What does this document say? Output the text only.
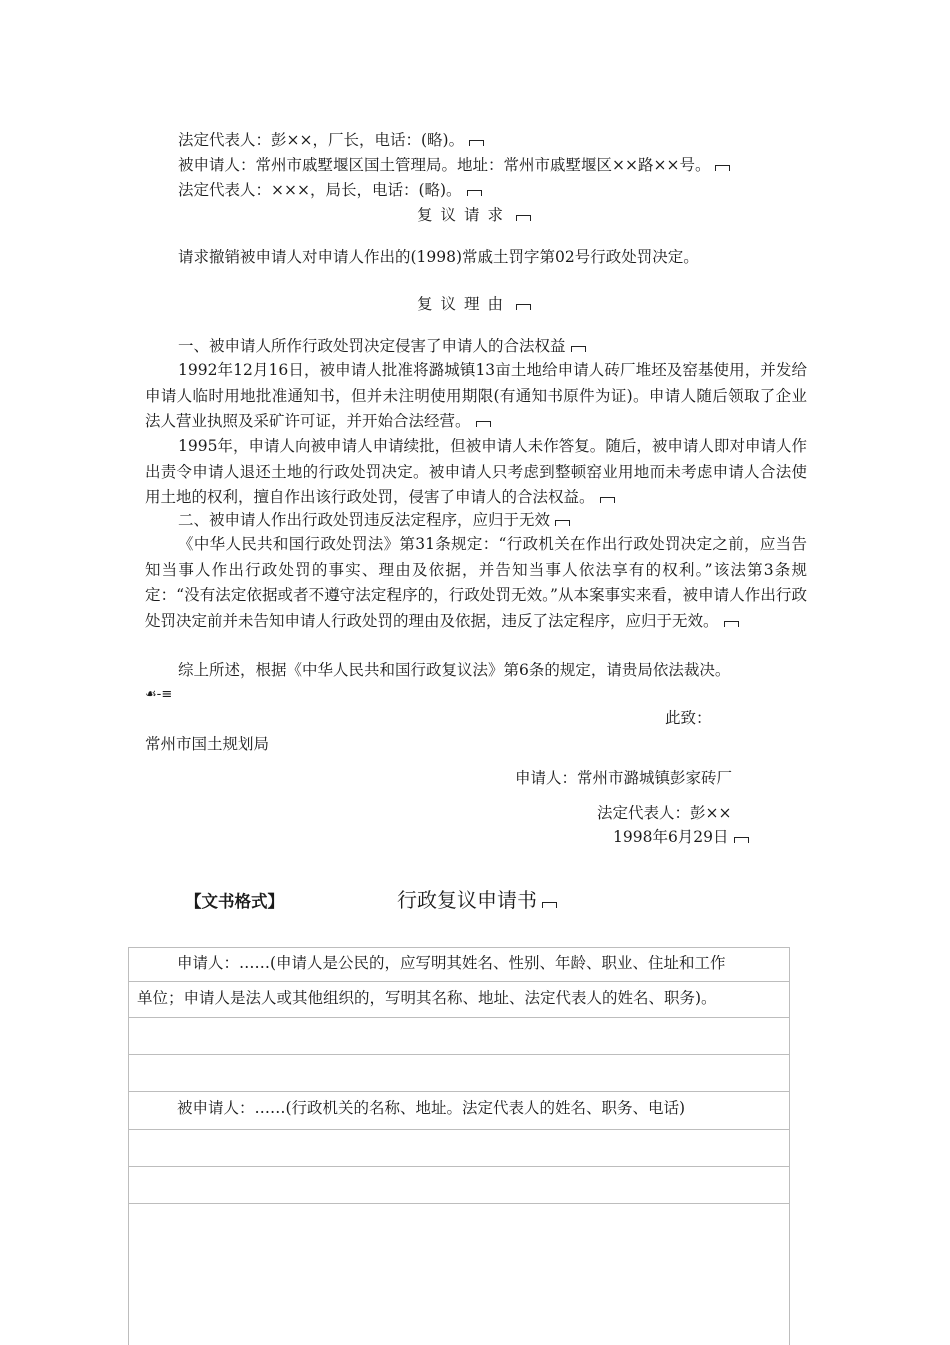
法定代表人：彭××，厂长，电话：(略)。
被申请人：常州市戚墅堰区国土管理局。地址：常州市戚墅堰区××路××号。
法定代表人：×××，局长，电话：(略)。
复议请求
请求撤销被申请人对申请人作出的(1998)常戚土罚字第02号行政处罚决定。
复议理由
一、被申请人所作行政处罚决定侵害了申请人的合法权益
1992年12月16日，被申请人批准将潞城镇13亩土地给申请人砖厂堆坯及窑基使用，并发给申请人临时用地批准通知书，但并未注明使用期限(有通知书原件为证)。申请人随后领取了企业法人营业执照及采矿许可证，并开始合法经营。
1995年，申请人向被申请人申请续批，但被申请人未作答复。随后，被申请人即对申请人作出责令申请人退还土地的行政处罚决定。被申请人只考虑到整顿窑业用地而未考虑申请人合法使用土地的权利，擅自作出该行政处罚，侵害了申请人的合法权益。
二、被申请人作出行政处罚违反法定程序，应归于无效
《中华人民共和国行政处罚法》第31条规定：“行政机关在作出行政处罚决定之前，应当告知当事人作出行政处罚的事实、理由及依据，并告知当事人依法享有的权利。”该法第3条规定：“没有法定依据或者不遵守法定程序的，行政处罚无效。”从本案事实来看，被申请人作出行政处罚决定前并未告知申请人行政处罚的理由及依据，违反了法定程序，应归于无效。
综上所述，根据《中华人民共和国行政复议法》第6条的规定，请贵局依法裁决。
☙-≡
此致：
常州市国土规划局
申请人：常州市潞城镇彭家砖厂
法定代表人：彭××
1998年6月29日
【文书格式】	行政复议申请书
申请人：……(申请人是公民的，应写明其姓名、性别、年龄、职业、住址和工作
单位；申请人是法人或其他组织的，写明其名称、地址、法定代表人的姓名、职务)。
被申请人：……(行政机关的名称、地址。法定代表人的姓名、职务、电话)
